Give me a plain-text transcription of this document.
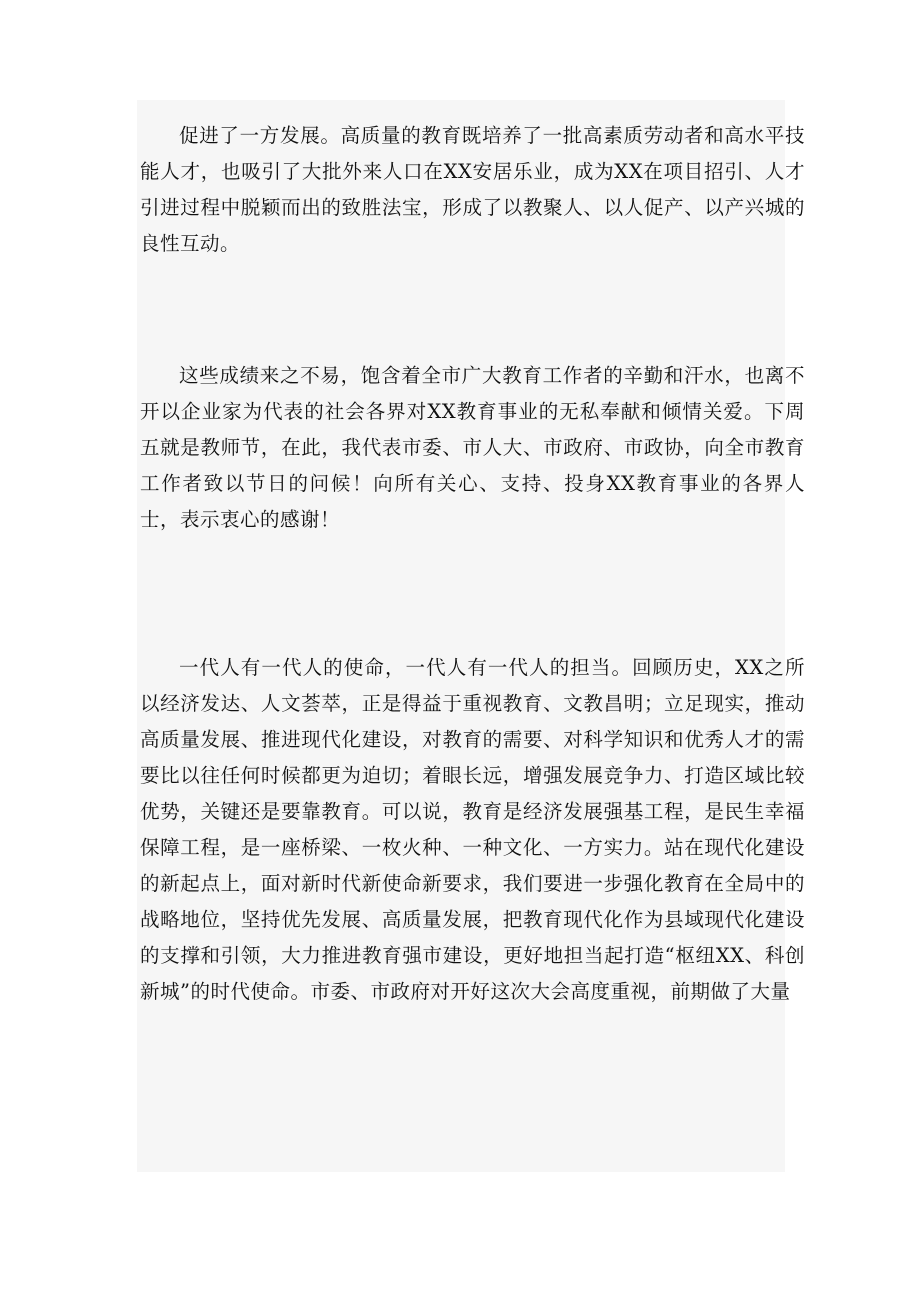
促进了一方发展。高质量的教育既培养了一批高素质劳动者和高水平技能人才，也吸引了大批外来人口在XX安居乐业，成为XX在项目招引、人才引进过程中脱颖而出的致胜法宝，形成了以教聚人、以人促产、以产兴城的良性互动。

这些成绩来之不易，饱含着全市广大教育工作者的辛勤和汗水，也离不开以企业家为代表的社会各界对XX教育事业的无私奉献和倾情关爱。下周五就是教师节，在此，我代表市委、市人大、市政府、市政协，向全市教育工作者致以节日的问候！向所有关心、支持、投身XX教育事业的各界人士，表示衷心的感谢！

一代人有一代人的使命，一代人有一代人的担当。回顾历史，XX之所以经济发达、人文荟萃，正是得益于重视教育、文教昌明；立足现实，推动高质量发展、推进现代化建设，对教育的需要、对科学知识和优秀人才的需要比以往任何时候都更为迫切；着眼长远，增强发展竞争力、打造区域比较优势，关键还是要靠教育。可以说，教育是经济发展强基工程，是民生幸福保障工程，是一座桥梁、一枚火种、一种文化、一方实力。站在现代化建设的新起点上，面对新时代新使命新要求，我们要进一步强化教育在全局中的战略地位，坚持优先发展、高质量发展，把教育现代化作为县域现代化建设的支撑和引领，大力推进教育强市建设，更好地担当起打造“枢纽XX、科创新城”的时代使命。市委、市政府对开好这次大会高度重视，前期做了大量
